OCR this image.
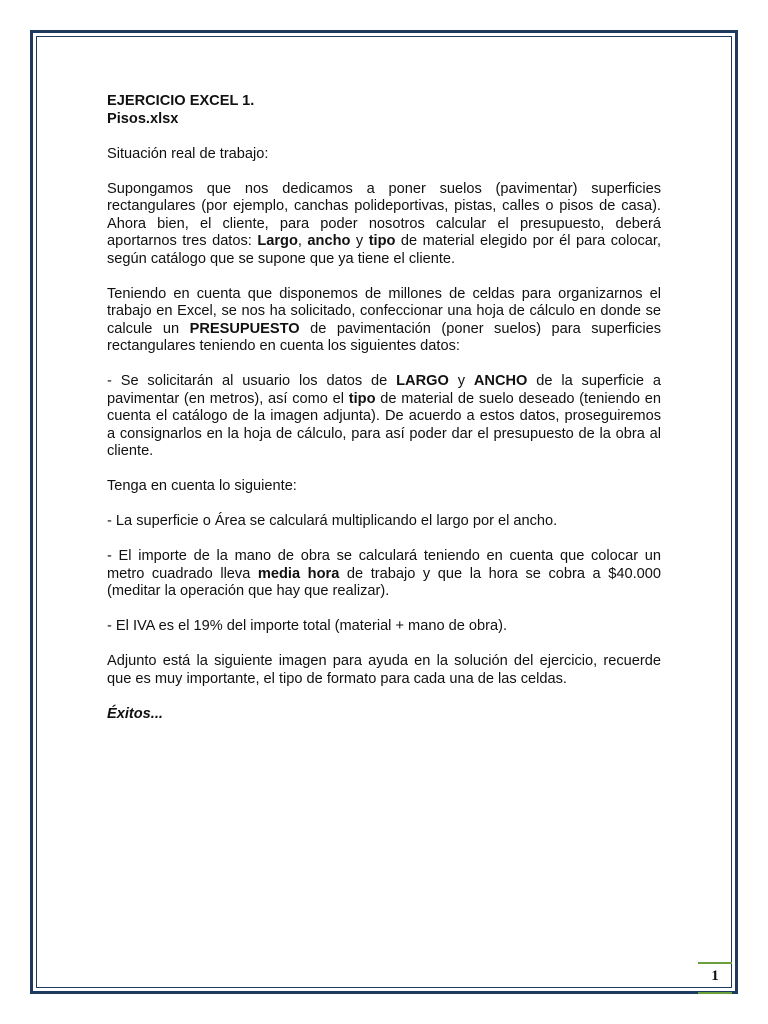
EJERCICIO EXCEL 1.
Pisos.xlsx

Situación real de trabajo:

Supongamos que nos dedicamos a poner suelos (pavimentar) superficies rectangulares (por ejemplo, canchas polideportivas, pistas, calles o pisos de casa). Ahora bien, el cliente, para poder nosotros calcular el presupuesto, deberá aportarnos tres datos: Largo, ancho y tipo de material elegido por él para colocar, según catálogo que se supone que ya tiene el cliente.

Teniendo en cuenta que disponemos de millones de celdas para organizarnos el trabajo en Excel, se nos ha solicitado, confeccionar una hoja de cálculo en donde se calcule un PRESUPUESTO de pavimentación (poner suelos) para superficies rectangulares teniendo en cuenta los siguientes datos:

- Se solicitarán al usuario los datos de LARGO y ANCHO de la superficie a pavimentar (en metros), así como el tipo de material de suelo deseado (teniendo en cuenta el catálogo de la imagen adjunta). De acuerdo a estos datos, proseguiremos a consignarlos en la hoja de cálculo, para así poder dar el presupuesto de la obra al cliente.

Tenga en cuenta lo siguiente:

- La superficie o Área se calculará multiplicando el largo por el ancho.

- El importe de la mano de obra se calculará teniendo en cuenta que colocar un metro cuadrado lleva media hora de trabajo y que la hora se cobra a $40.000 (meditar la operación que hay que realizar).

- El IVA es el 19% del importe total (material + mano de obra).

Adjunto está la siguiente imagen para ayuda en la solución del ejercicio, recuerde que es muy importante, el tipo de formato para cada una de las celdas.

Éxitos...

1
